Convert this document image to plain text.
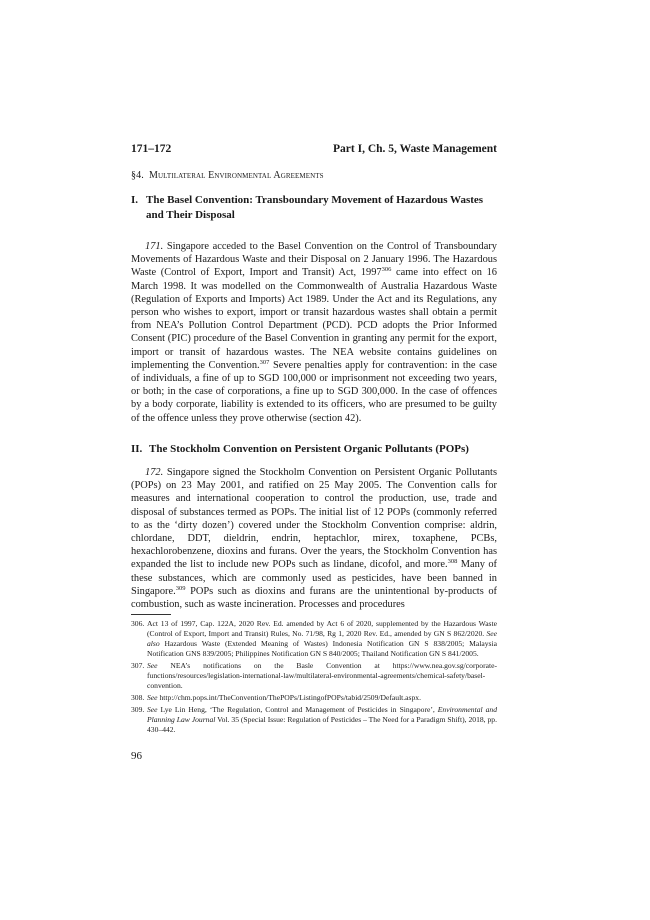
171–172	Part I, Ch. 5, Waste Management
§4. Multilateral Environmental Agreements
I. The Basel Convention: Transboundary Movement of Hazardous Wastes and Their Disposal
171. Singapore acceded to the Basel Convention on the Control of Transboundary Movements of Hazardous Waste and their Disposal on 2 January 1996. The Hazardous Waste (Control of Export, Import and Transit) Act, 1997$^{306}$ came into effect on 16 March 1998. It was modelled on the Commonwealth of Australia Hazardous Waste (Regulation of Exports and Imports) Act 1989. Under the Act and its Regulations, any person who wishes to export, import or transit hazardous wastes shall obtain a permit from NEA’s Pollution Control Department (PCD). PCD adopts the Prior Informed Consent (PIC) procedure of the Basel Convention in granting any permit for the export, import or transit of hazardous wastes. The NEA website contains guidelines on implementing the Convention.$^{307}$ Severe penalties apply for contravention: in the case of individuals, a fine of up to SGD 100,000 or imprisonment not exceeding two years, or both; in the case of corporations, a fine up to SGD 300,000. In the case of offences by a body corporate, liability is extended to its officers, who are presumed to be guilty of the offence unless they prove otherwise (section 42).
II. The Stockholm Convention on Persistent Organic Pollutants (POPs)
172. Singapore signed the Stockholm Convention on Persistent Organic Pollutants (POPs) on 23 May 2001, and ratified on 25 May 2005. The Convention calls for measures and international cooperation to control the production, use, trade and disposal of substances termed as POPs. The initial list of 12 POPs (commonly referred to as the ‘dirty dozen’) covered under the Stockholm Convention comprise: aldrin, chlordane, DDT, dieldrin, endrin, heptachlor, mirex, toxaphene, PCBs, hexachlorobenzene, dioxins and furans. Over the years, the Stockholm Convention has expanded the list to include new POPs such as lindane, dicofol, and more.$^{308}$ Many of these substances, which are commonly used as pesticides, have been banned in Singapore.$^{309}$ POPs such as dioxins and furans are the unintentional by-products of combustion, such as waste incineration. Processes and procedures
306. Act 13 of 1997, Cap. 122A, 2020 Rev. Ed. amended by Act 6 of 2020, supplemented by the Hazardous Waste (Control of Export, Import and Transit) Rules, No. 71/98, Rg 1, 2020 Rev. Ed., amended by GN S 862/2020. See also Hazardous Waste (Extended Meaning of Wastes) Indonesia Notification GN S 838/2005; Malaysia Notification GNS 839/2005; Philippines Notification GN S 840/2005; Thailand Notification GN S 841/2005.
307. See NEA’s notifications on the Basle Convention at https://www.nea.gov.sg/corporate-functions/resources/legislation-international-law/multilateral-environmental-agreements/chemical-safety/basel-convention.
308. See http://chm.pops.int/TheConvention/ThePOPs/ListingofPOPs/tabid/2509/Default.aspx.
309. See Lye Lin Heng, ‘The Regulation, Control and Management of Pesticides in Singapore’, Environmental and Planning Law Journal Vol. 35 (Special Issue: Regulation of Pesticides – The Need for a Paradigm Shift), 2018, pp. 430–442.
96
